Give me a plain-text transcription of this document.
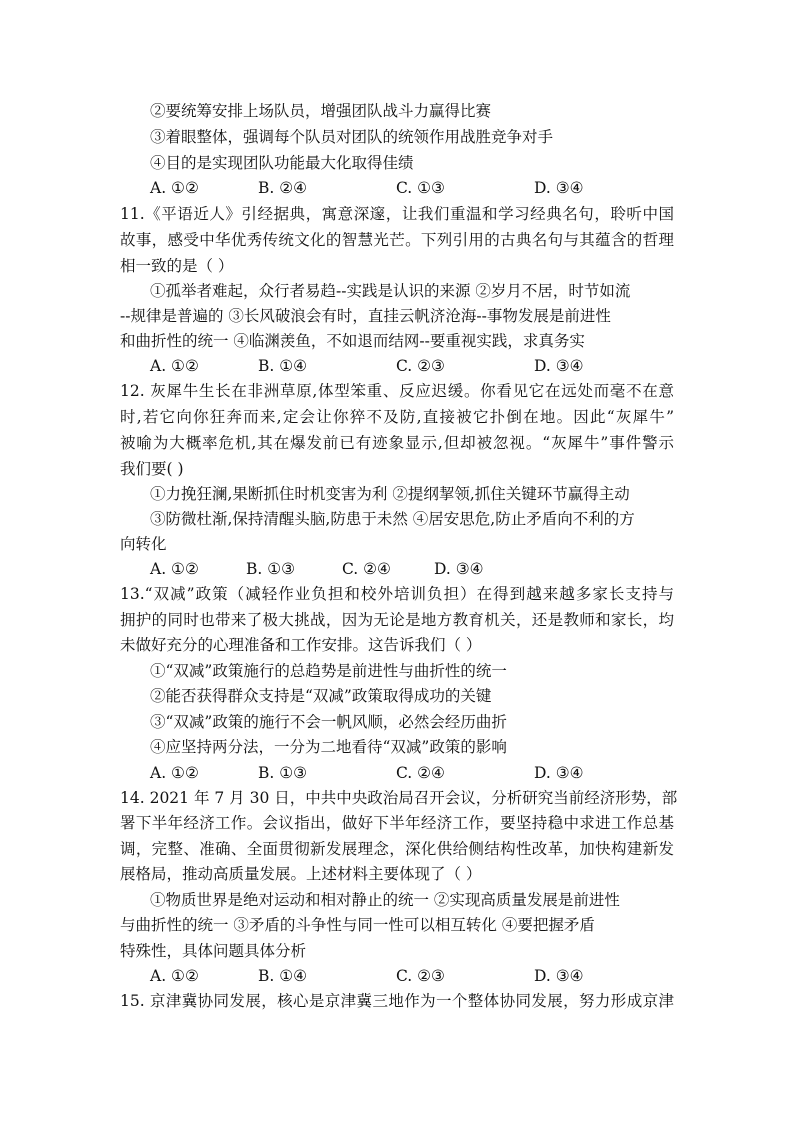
②要统筹安排上场队员，增强团队战斗力赢得比赛
③着眼整体，强调每个队员对团队的统领作用战胜竞争对手
④目的是实现团队功能最大化取得佳绩
A. ①②	B. ②④	C. ①③	D. ③④
11.《平语近人》引经据典，寓意深邃，让我们重温和学习经典名句，聆听中国
故事，感受中华优秀传统文化的智慧光芒。下列引用的古典名句与其蕴含的哲理
相一致的是（ ）
①孤举者难起，众行者易趋--实践是认识的来源 ②岁月不居，时节如流
--规律是普遍的 ③长风破浪会有时，直挂云帆济沧海--事物发展是前进性
和曲折性的统一 ④临渊羡鱼，不如退而结网--要重视实践，求真务实
A. ①②	B. ①④	C. ②③	D. ③④
12. 灰犀牛生长在非洲草原,体型笨重、反应迟缓。你看见它在远处而毫不在意
时,若它向你狂奔而来,定会让你猝不及防,直接被它扑倒在地。因此“灰犀牛”
被喻为大概率危机,其在爆发前已有迹象显示,但却被忽视。“灰犀牛”事件警示
我们要( )
①力挽狂澜,果断抓住时机变害为利 ②提纲挈领,抓住关键环节赢得主动
③防微杜渐,保持清醒头脑,防患于未然 ④居安思危,防止矛盾向不利的方
向转化
A. ①②	B. ①③	C. ②④	D. ③④
13.“双减”政策（减轻作业负担和校外培训负担）在得到越来越多家长支持与
拥护的同时也带来了极大挑战，因为无论是地方教育机关，还是教师和家长，均
未做好充分的心理准备和工作安排。这告诉我们（ ）
①“双减”政策施行的总趋势是前进性与曲折性的统一
②能否获得群众支持是“双减”政策取得成功的关键
③“双减”政策的施行不会一帆风顺，必然会经历曲折
④应坚持两分法，一分为二地看待“双减”政策的影响
A. ①②	B. ①③	C. ②④	D. ③④
14. 2021 年 7 月 30 日，中共中央政治局召开会议，分析研究当前经济形势，部
署下半年经济工作。会议指出，做好下半年经济工作，要坚持稳中求进工作总基
调，完整、准确、全面贯彻新发展理念，深化供给侧结构性改革，加快构建新发
展格局，推动高质量发展。上述材料主要体现了（ ）
①物质世界是绝对运动和相对静止的统一 ②实现高质量发展是前进性
与曲折性的统一 ③矛盾的斗争性与同一性可以相互转化 ④要把握矛盾
特殊性，具体问题具体分析
A. ①②	B. ①④	C. ②③	D. ③④
15. 京津冀协同发展，核心是京津冀三地作为一个整体协同发展，努力形成京津
